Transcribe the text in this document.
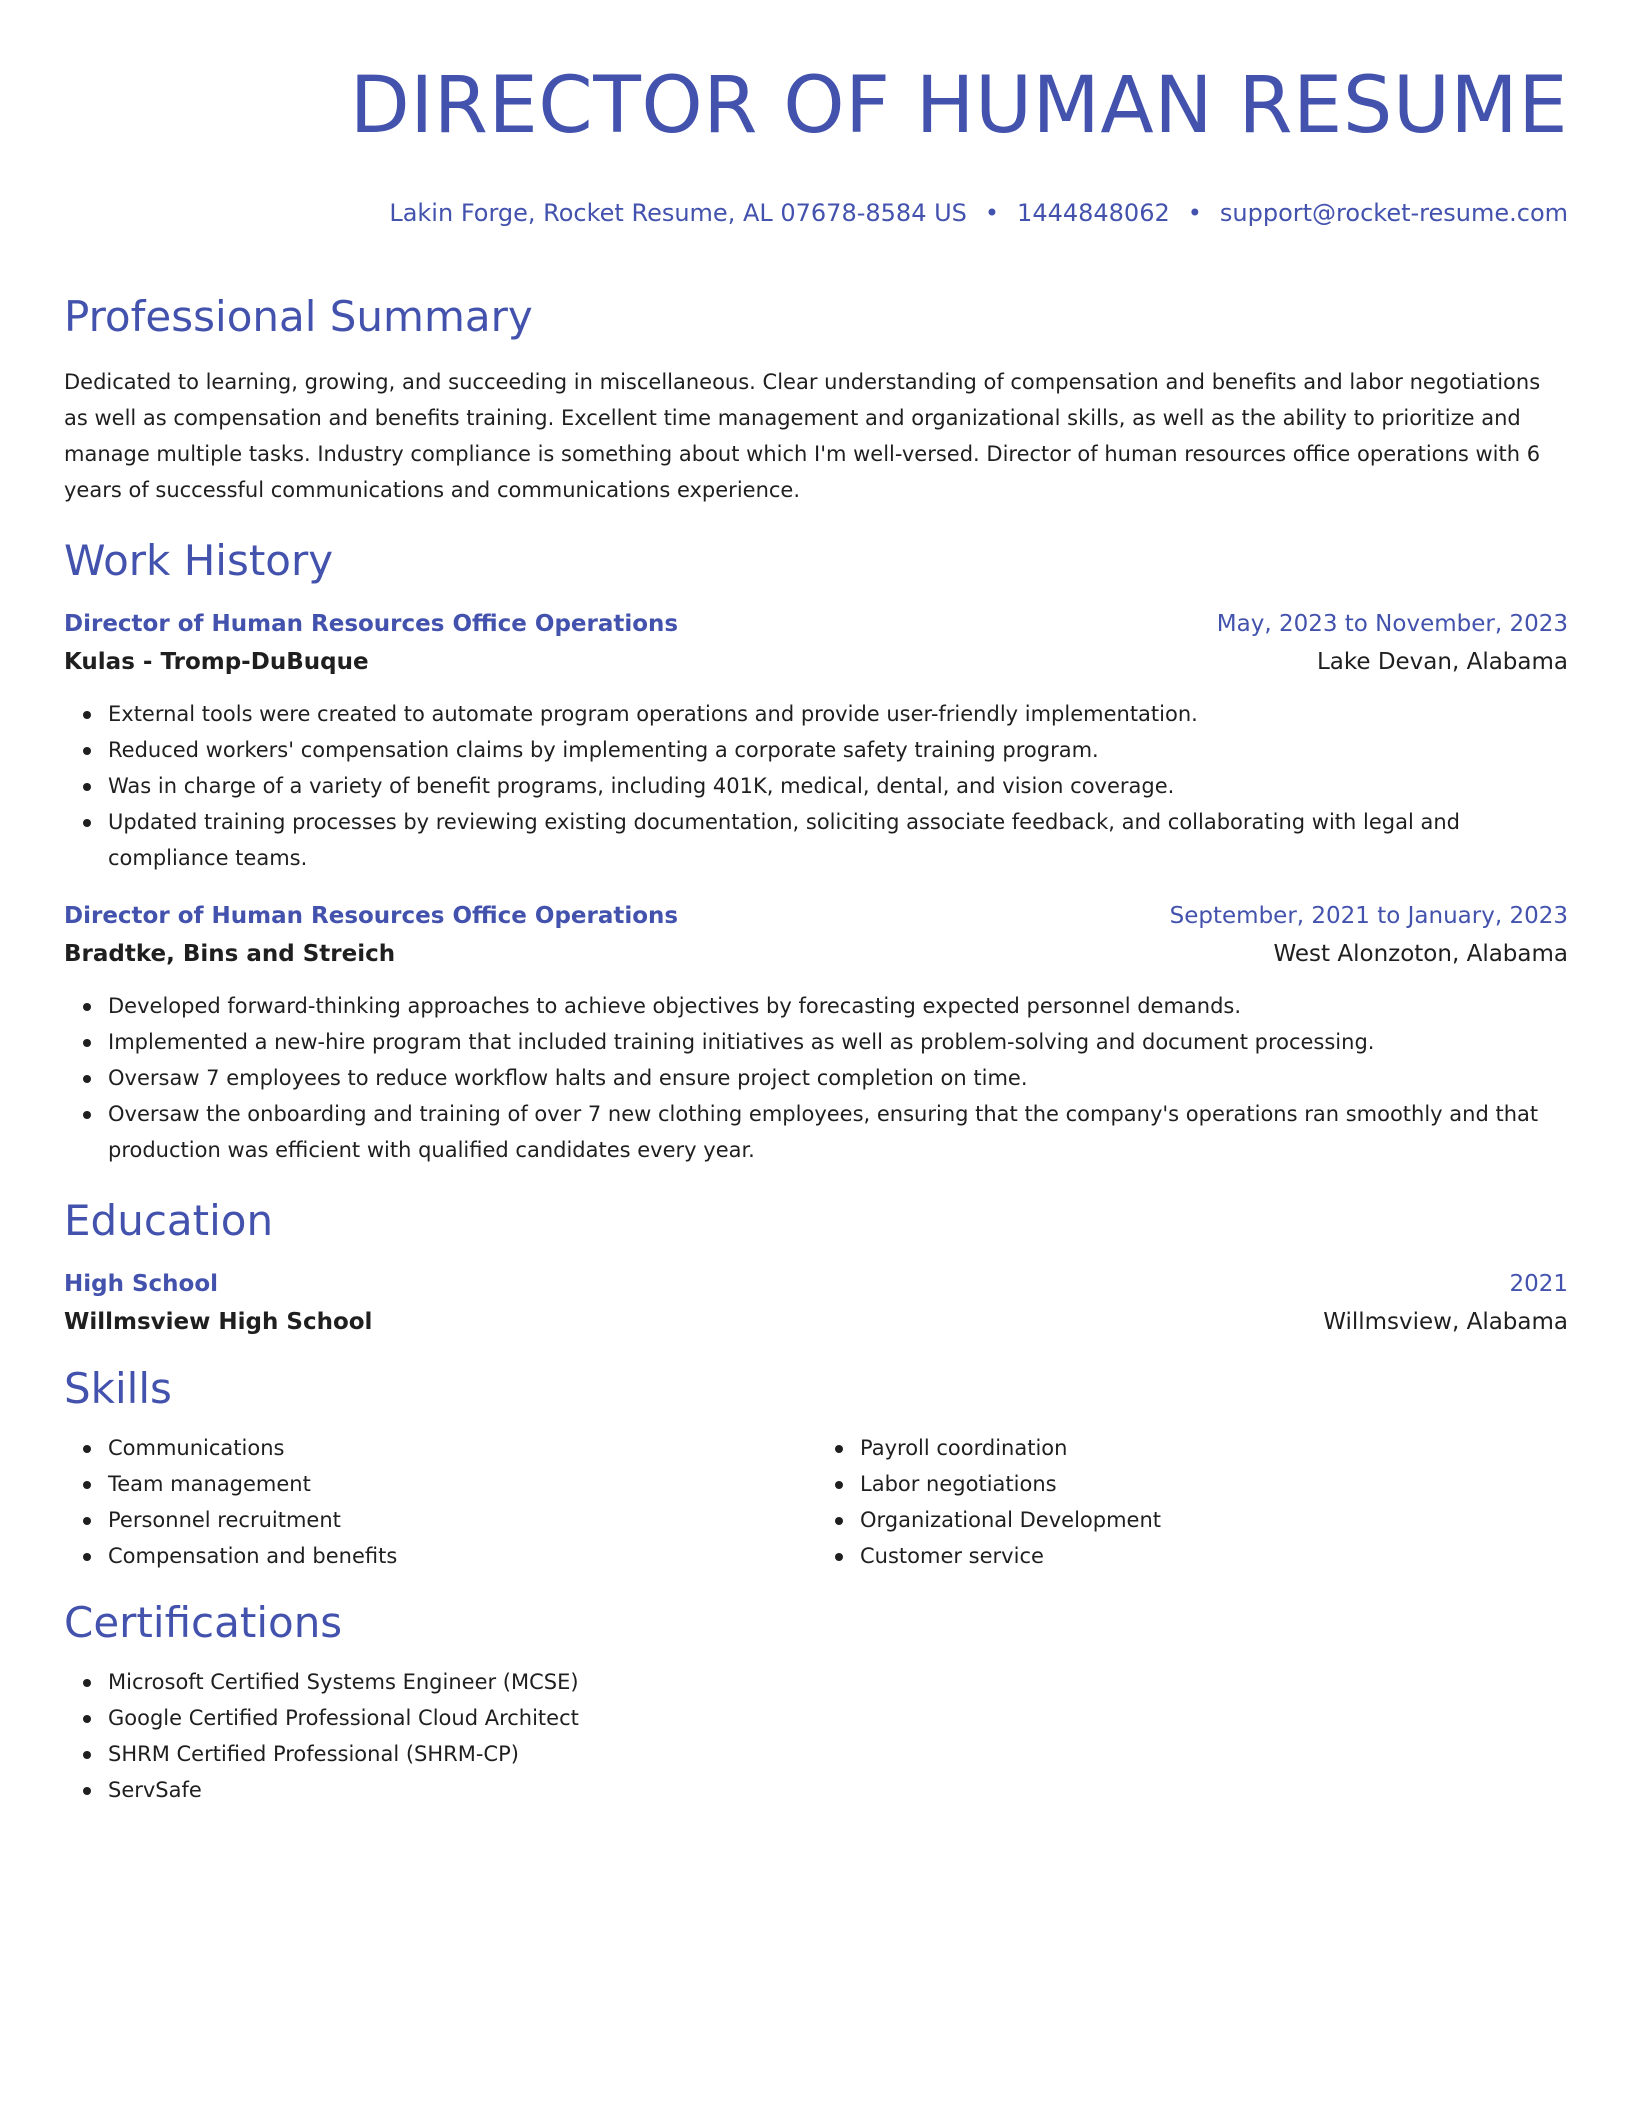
DIRECTOR OF HUMAN RESUME
Lakin Forge, Rocket Resume, AL 07678-8584 US • 1444848062 • support@rocket-resume.com
Professional Summary

Dedicated to learning, growing, and succeeding in miscellaneous. Clear understanding of compensation and benefits and labor negotiations as well as compensation and benefits training. Excellent time management and organizational skills, as well as the ability to prioritize and manage multiple tasks. Industry compliance is something about which I'm well-versed. Director of human resources office operations with 6 years of successful communications and communications experience.

Work History
Director of Human Resources Office Operations	May, 2023 to November, 2023
Kulas - Tromp-DuBuque	Lake Devan, Alabama
External tools were created to automate program operations and provide user-friendly implementation.
Reduced workers' compensation claims by implementing a corporate safety training program.
Was in charge of a variety of benefit programs, including 401K, medical, dental, and vision coverage.
Updated training processes by reviewing existing documentation, soliciting associate feedback, and collaborating with legal and compliance teams.
Director of Human Resources Office Operations	September, 2021 to January, 2023
Bradtke, Bins and Streich	West Alonzoton, Alabama
Developed forward-thinking approaches to achieve objectives by forecasting expected personnel demands.
Implemented a new-hire program that included training initiatives as well as problem-solving and document processing.
Oversaw 7 employees to reduce workflow halts and ensure project completion on time.
Oversaw the onboarding and training of over 7 new clothing employees, ensuring that the company's operations ran smoothly and that production was efficient with qualified candidates every year.
Education
High School	2021
Willmsview High School	Willmsview, Alabama
Skills
Communications
Team management
Personnel recruitment
Compensation and benefits
Payroll coordination
Labor negotiations
Organizational Development
Customer service
Certifications
Microsoft Certified Systems Engineer (MCSE)
Google Certified Professional Cloud Architect
SHRM Certified Professional (SHRM-CP)
ServSafe
